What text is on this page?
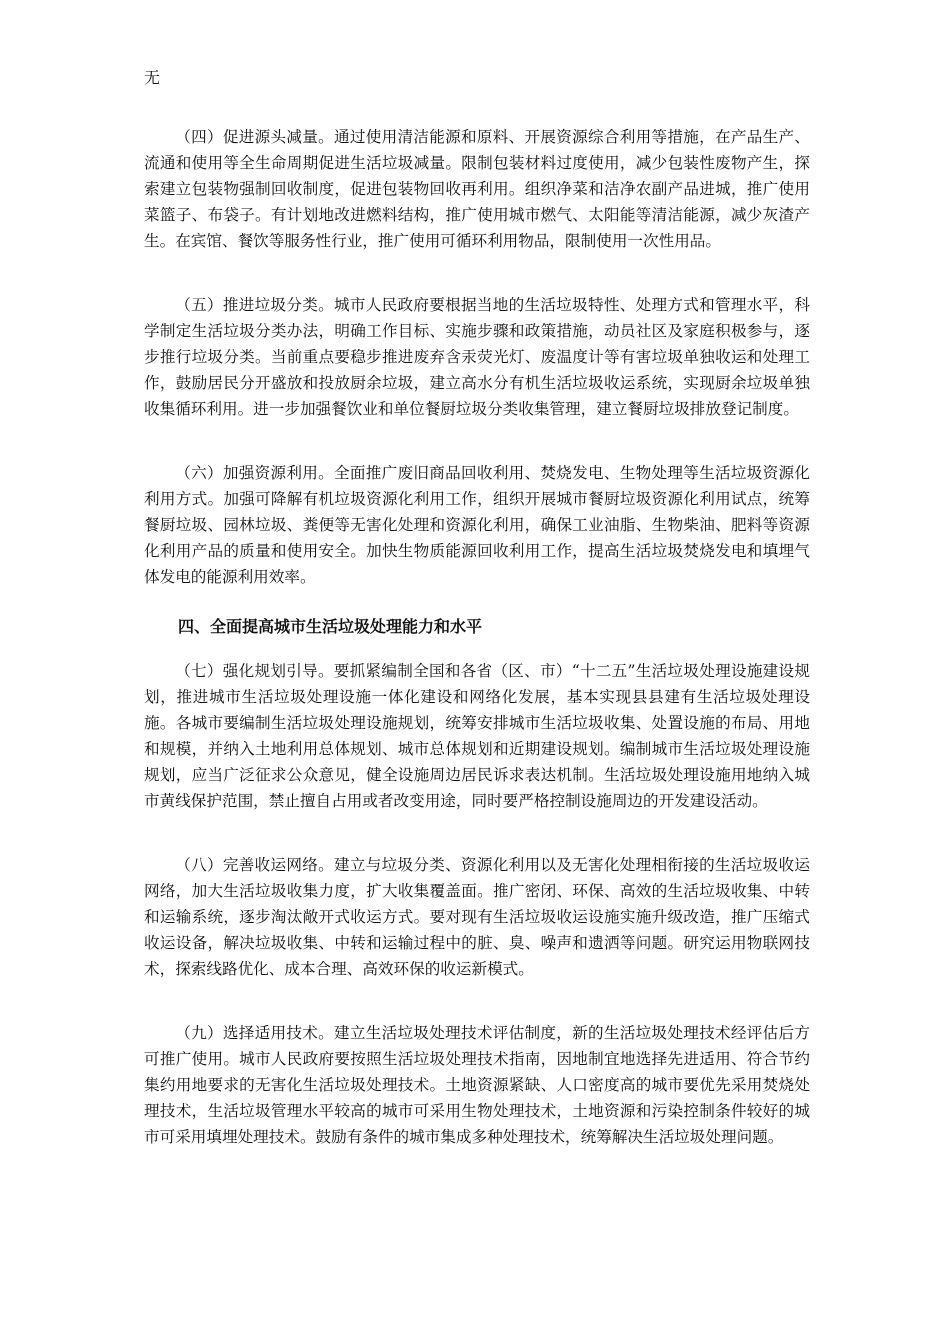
无

（四）促进源头减量。通过使用清洁能源和原料、开展资源综合利用等措施，在产品生产、流通和使用等全生命周期促进生活垃圾减量。限制包装材料过度使用，减少包装性废物产生，探索建立包装物强制回收制度，促进包装物回收再利用。组织净菜和洁净农副产品进城，推广使用菜篮子、布袋子。有计划地改进燃料结构，推广使用城市燃气、太阳能等清洁能源，减少灰渣产生。在宾馆、餐饮等服务性行业，推广使用可循环利用物品，限制使用一次性用品。

（五）推进垃圾分类。城市人民政府要根据当地的生活垃圾特性、处理方式和管理水平，科学制定生活垃圾分类办法，明确工作目标、实施步骤和政策措施，动员社区及家庭积极参与，逐步推行垃圾分类。当前重点要稳步推进废弃含汞荧光灯、废温度计等有害垃圾单独收运和处理工作，鼓励居民分开盛放和投放厨余垃圾，建立高水分有机生活垃圾收运系统，实现厨余垃圾单独收集循环利用。进一步加强餐饮业和单位餐厨垃圾分类收集管理，建立餐厨垃圾排放登记制度。

（六）加强资源利用。全面推广废旧商品回收利用、焚烧发电、生物处理等生活垃圾资源化利用方式。加强可降解有机垃圾资源化利用工作，组织开展城市餐厨垃圾资源化利用试点，统筹餐厨垃圾、园林垃圾、粪便等无害化处理和资源化利用，确保工业油脂、生物柴油、肥料等资源化利用产品的质量和使用安全。加快生物质能源回收利用工作，提高生活垃圾焚烧发电和填埋气体发电的能源利用效率。

四、全面提高城市生活垃圾处理能力和水平

（七）强化规划引导。要抓紧编制全国和各省（区、市）“十二五”生活垃圾处理设施建设规划，推进城市生活垃圾处理设施一体化建设和网络化发展，基本实现县县建有生活垃圾处理设施。各城市要编制生活垃圾处理设施规划，统筹安排城市生活垃圾收集、处置设施的布局、用地和规模，并纳入土地利用总体规划、城市总体规划和近期建设规划。编制城市生活垃圾处理设施规划，应当广泛征求公众意见，健全设施周边居民诉求表达机制。生活垃圾处理设施用地纳入城市黄线保护范围，禁止擅自占用或者改变用途，同时要严格控制设施周边的开发建设活动。

（八）完善收运网络。建立与垃圾分类、资源化利用以及无害化处理相衔接的生活垃圾收运网络，加大生活垃圾收集力度，扩大收集覆盖面。推广密闭、环保、高效的生活垃圾收集、中转和运输系统，逐步淘汰敞开式收运方式。要对现有生活垃圾收运设施实施升级改造，推广压缩式收运设备，解决垃圾收集、中转和运输过程中的脏、臭、噪声和遗洒等问题。研究运用物联网技术，探索线路优化、成本合理、高效环保的收运新模式。

（九）选择适用技术。建立生活垃圾处理技术评估制度，新的生活垃圾处理技术经评估后方可推广使用。城市人民政府要按照生活垃圾处理技术指南，因地制宜地选择先进适用、符合节约集约用地要求的无害化生活垃圾处理技术。土地资源紧缺、人口密度高的城市要优先采用焚烧处理技术，生活垃圾管理水平较高的城市可采用生物处理技术，土地资源和污染控制条件较好的城市可采用填埋处理技术。鼓励有条件的城市集成多种处理技术，统筹解决生活垃圾处理问题。
